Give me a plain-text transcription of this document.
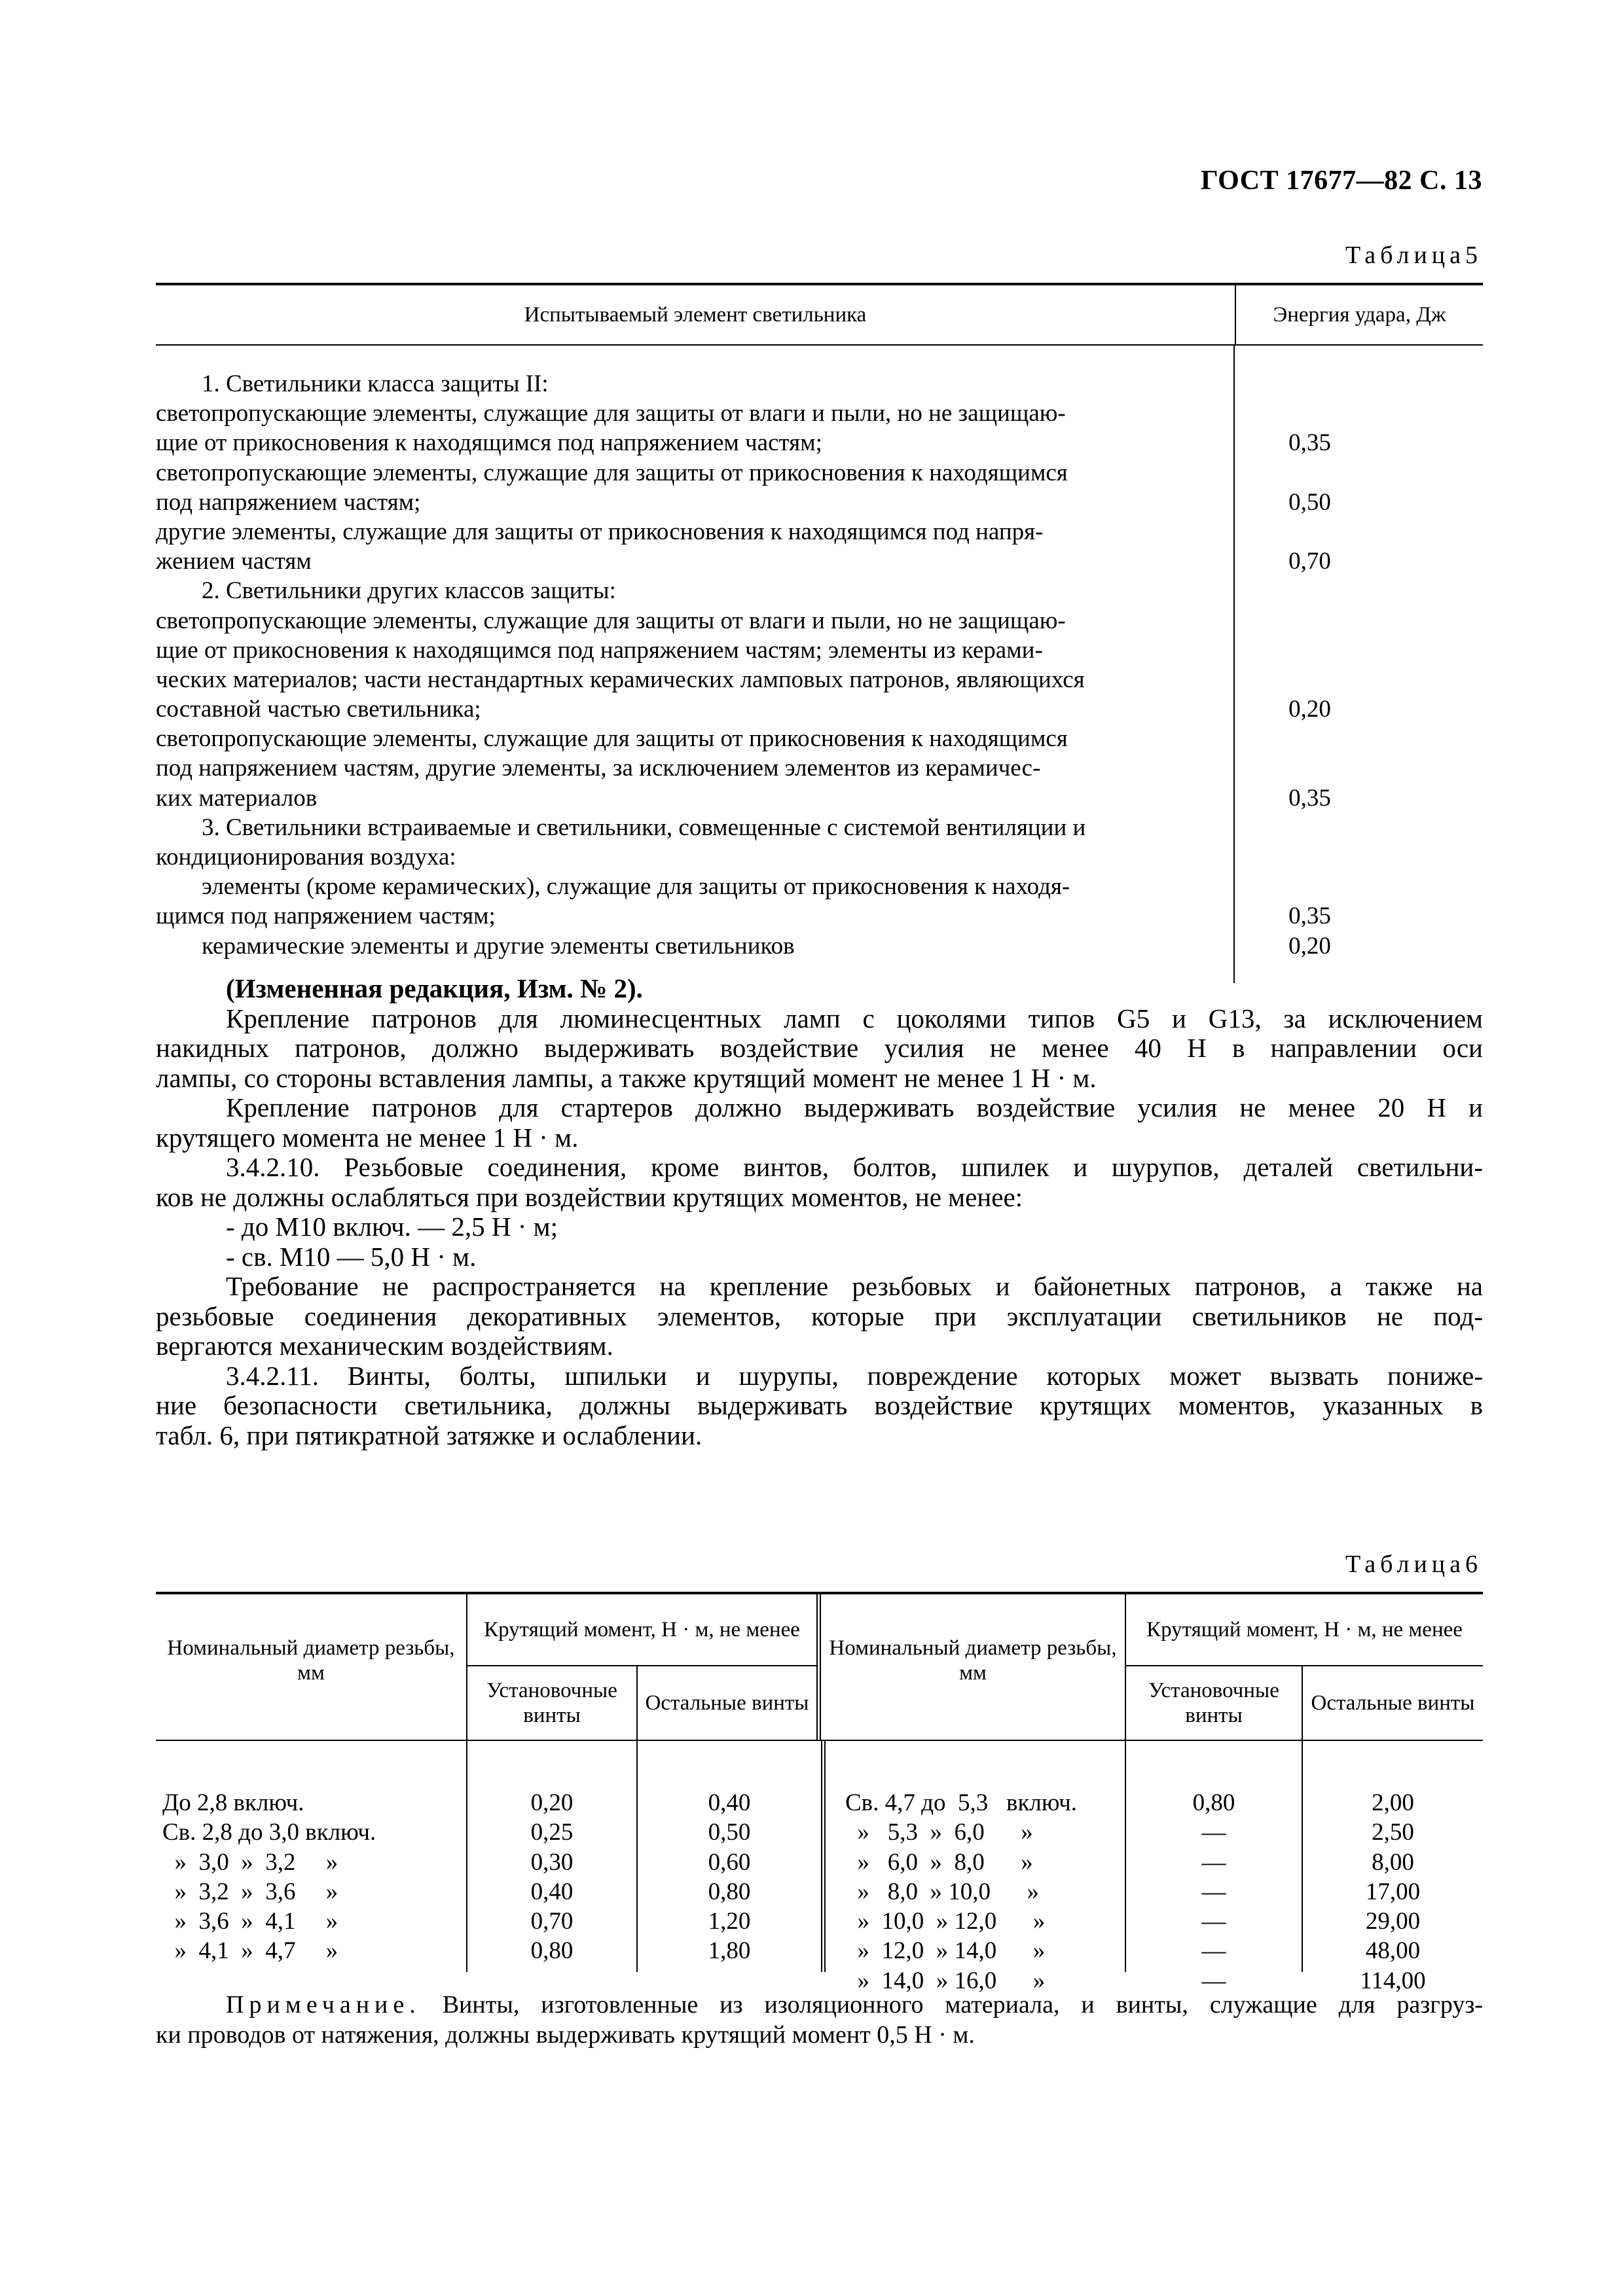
ГОСТ 17677—82 С. 13
Таблица5
Испытываемый элемент светильника	Энергия удара, Дж
1. Светильники класса защиты II:
светопропускающие элементы, служащие для защиты от влаги и пыли, но не защищаю-
щие от прикосновения к находящимся под напряжением частям;
светопропускающие элементы, служащие для защиты от прикосновения к находящимся
под напряжением частям;
другие элементы, служащие для защиты от прикосновения к находящимся под напря-
жением частям
2. Светильники других классов защиты:
светопропускающие элементы, служащие для защиты от влаги и пыли, но не защищаю-
щие от прикосновения к находящимся под напряжением частям; элементы из керами-
ческих материалов; части нестандартных керамических ламповых патронов, являющихся
составной частью светильника;
светопропускающие элементы, служащие для защиты от прикосновения к находящимся
под напряжением частям, другие элементы, за исключением элементов из керамичес-
ких материалов
3. Светильники встраиваемые и светильники, совмещенные с системой вентиляции и
кондиционирования воздуха:
элементы (кроме керамических), служащие для защиты от прикосновения к находя-
щимся под напряжением частям;
керамические элементы и другие элементы светильников
0,35
0,50
0,70
0,20
0,35
0,35
0,20
(Измененная редакция, Изм. № 2).
Крепление патронов для люминесцентных ламп с цоколями типов G5 и G13, за исключением
накидных патронов, должно выдерживать воздействие усилия не менее 40 Н в направлении оси
лампы, со стороны вставления лампы, а также крутящий момент не менее 1 Н · м.
Крепление патронов для стартеров должно выдерживать воздействие усилия не менее 20 Н и
крутящего момента не менее 1 Н · м.
3.4.2.10. Резьбовые соединения, кроме винтов, болтов, шпилек и шурупов, деталей светильни-
ков не должны ослабляться при воздействии крутящих моментов, не менее:
- до М10 включ. — 2,5 Н · м;
- св. М10 — 5,0 Н · м.
Требование не распространяется на крепление резьбовых и байонетных патронов, а также на
резьбовые соединения декоративных элементов, которые при эксплуатации светильников не под-
вергаются механическим воздействиям.
3.4.2.11. Винты, болты, шпильки и шурупы, повреждение которых может вызвать пониже-
ние безопасности светильника, должны выдерживать воздействие крутящих моментов, указанных в
табл. 6, при пятикратной затяжке и ослаблении.
Таблица6
Номинальный диаметр резьбы, мм
Крутящий момент, Н · м, не менее
Установочные винты
Остальные винты
Номинальный диаметр резьбы, мм
Крутящий момент, Н · м, не менее
Установочные винты
Остальные винты
До 2,8 включ.
Св. 2,8 до 3,0 включ.
»  3,0  »  3,2     »
»  3,2  »  3,6     »
»  3,6  »  4,1     »
»  4,1  »  4,7     »
0,20
0,25
0,30
0,40
0,70
0,80
0,40
0,50
0,60
0,80
1,20
1,80
Св. 4,7 до  5,3   включ.
»   5,3  »  6,0      »
»   6,0  »  8,0      »
»   8,0  » 10,0      »
»  10,0  » 12,0      »
»  12,0  » 14,0      »
»  14,0  » 16,0      »
0,80
—
—
—
—
—
—
2,00
2,50
8,00
17,00
29,00
48,00
114,00
Примечание. Винты, изготовленные из изоляционного материала, и винты, служащие для разгруз-
ки проводов от натяжения, должны выдерживать крутящий момент 0,5 Н · м.
